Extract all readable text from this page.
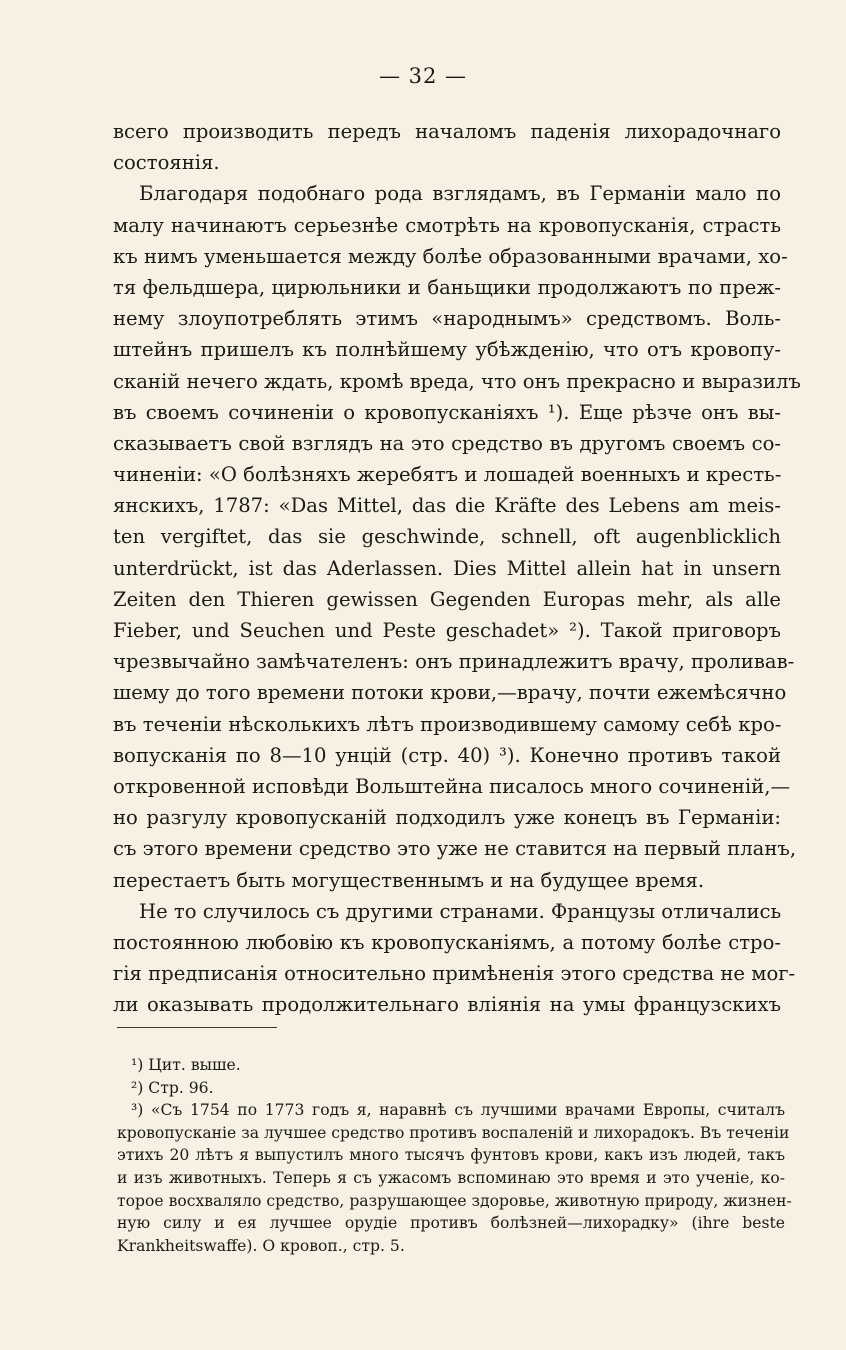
— 32 —
всего производить передъ началомъ паденія лихорадочнаго
состоянія.
Благодаря подобнаго рода взглядамъ, въ Германіи мало по
малу начинаютъ серьезнѣе смотрѣть на кровопусканія, страсть
къ нимъ уменьшается между болѣе образованными врачами, хо-
тя фельдшера, цирюльники и баньщики продолжаютъ по преж-
нему злоупотреблять этимъ «народнымъ» средствомъ. Воль-
штейнъ пришелъ къ полнѣйшему убѣжденію, что отъ кровопу-
сканій нечего ждать, кромѣ вреда, что онъ прекрасно и выразилъ
въ своемъ сочиненіи о кровопусканіяхъ ¹). Еще рѣзче онъ вы-
сказываетъ свой взглядъ на это средство въ другомъ своемъ со-
чиненіи: «О болѣзняхъ жеребятъ и лошадей военныхъ и кресть-
янскихъ, 1787: «Das Mittel, das die Kräfte des Lebens am meis-
ten vergiftet, das sie geschwinde, schnell, oft augenblicklich
unterdrückt, ist das Aderlassen. Dies Mittel allein hat in unsern
Zeiten den Thieren gewissen Gegenden Europas mehr, als alle
Fieber, und Seuchen und Peste geschadet» ²). Такой приговоръ
чрезвычайно замѣчателенъ: онъ принадлежитъ врачу, проливав-
шему до того времени потоки крови,—врачу, почти ежемѣсячно
въ теченіи нѣсколькихъ лѣтъ производившему самому себѣ кро-
вопусканія по 8—10 унцій (стр. 40) ³). Конечно противъ такой
откровенной исповѣди Вольштейна писалось много сочиненій,—
но разгулу кровопусканій подходилъ уже конецъ въ Германіи:
съ этого времени средство это уже не ставится на первый планъ,
перестаетъ быть могущественнымъ и на будущее время.
Не то случилось съ другими странами. Французы отличались
постоянною любовію къ кровопусканіямъ, а потому болѣе стро-
гія предписанія относительно примѣненія этого средства не мог-
ли оказывать продолжительнаго вліянія на умы французскихъ
¹) Цит. выше.
²) Стр. 96.
³) «Съ 1754 по 1773 годъ я, наравнѣ съ лучшими врачами Европы, считалъ
кровопусканіе за лучшее средство противъ воспаленій и лихорадокъ. Въ теченіи
этихъ 20 лѣтъ я выпустилъ много тысячъ фунтовъ крови, какъ изъ людей, такъ
и изъ животныхъ. Теперь я съ ужасомъ вспоминаю это время и это ученіе, ко-
торое восхваляло средство, разрушающее здоровье, животную природу, жизнен-
ную силу и ея лучшее орудіе противъ болѣзней—лихорадку» (ihre beste
Krankheitswaffe). О кровоп., стр. 5.
